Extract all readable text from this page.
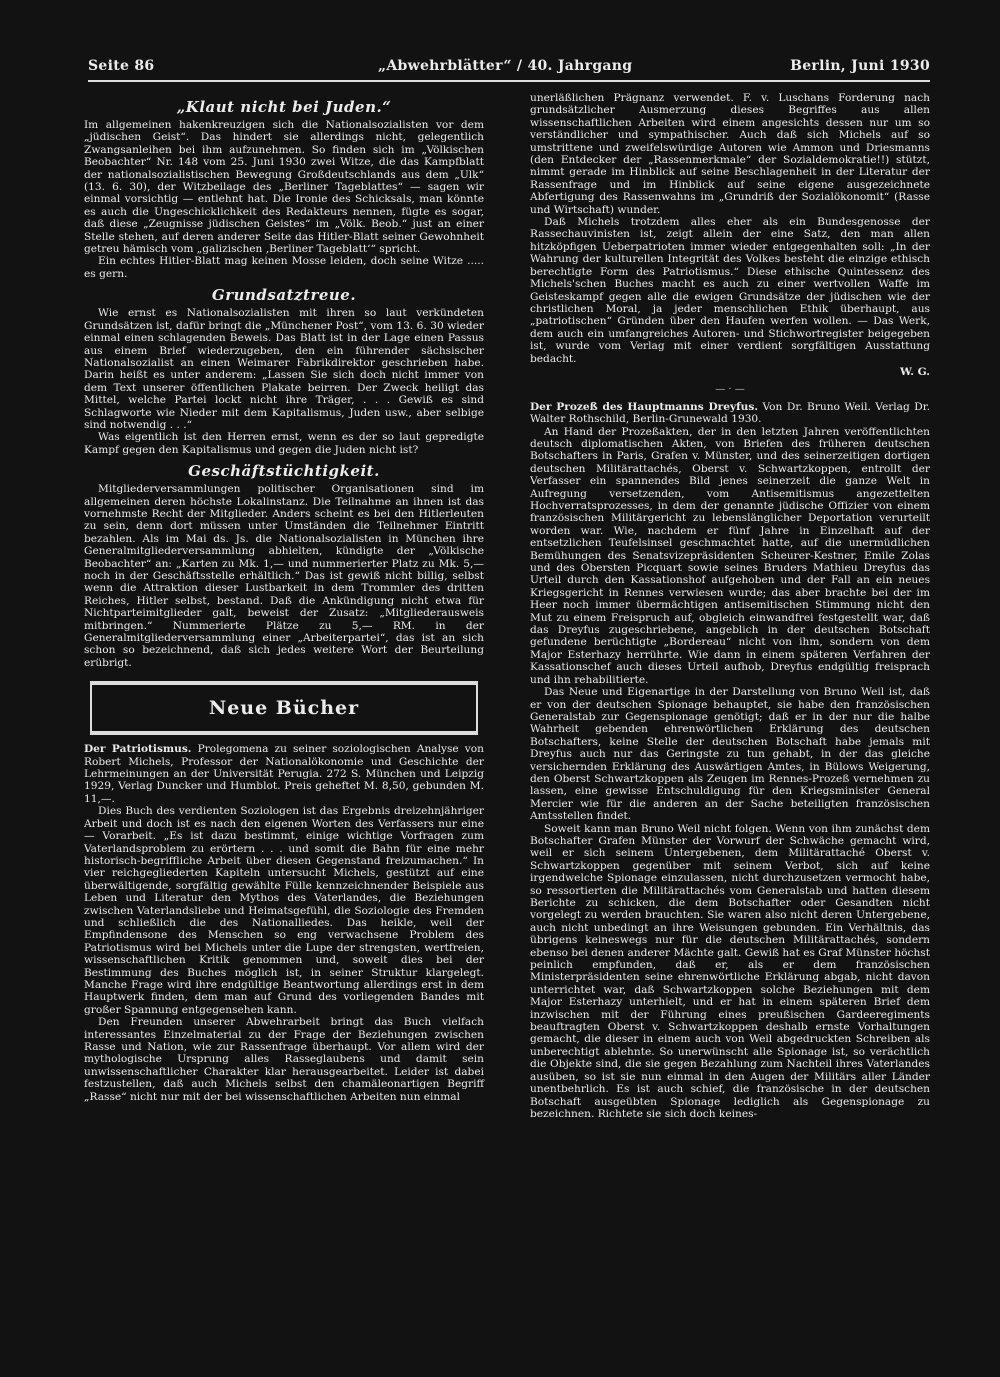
Seite 86	„Abwehrblätter“ / 40. Jahrgang	Berlin, Juni 1930
„Klaut nicht bei Juden.“

Im allgemeinen hakenkreuzigen sich die Nationalsozialisten vor dem „jüdischen Geist“. Das hindert sie allerdings nicht, gelegentlich Zwangsanleihen bei ihm aufzunehmen. So finden sich im „Völkischen Beobachter“ Nr. 148 vom 25. Juni 1930 zwei Witze, die das Kampfblatt der nationalsozialistischen Bewegung Großdeutschlands aus dem „Ulk“ (13. 6. 30), der Witzbeilage des „Berliner Tageblattes“ — sagen wir einmal vorsichtig — entlehnt hat. Die Ironie des Schicksals, man könnte es auch die Ungeschicklichkeit des Redakteurs nennen, fügte es sogar, daß diese „Zeugnisse jüdischen Geistes“ im „Völk. Beob.“ just an einer Stelle stehen, auf deren anderer Seite das Hitler-Blatt seiner Gewohnheit getreu hämisch vom „galizischen ‚Berliner Tageblatt‘“ spricht.

Ein echtes Hitler-Blatt mag keinen Mosse leiden, doch seine Witze ..... es gern.

Grundsatztreue.

Wie ernst es Nationalsozialisten mit ihren so laut verkündeten Grundsätzen ist, dafür bringt die „Münchener Post“, vom 13. 6. 30 wieder einmal einen schlagenden Beweis. Das Blatt ist in der Lage einen Passus aus einem Brief wiederzugeben, den ein führender sächsischer Nationalsozialist an einen Weimarer Fabrikdirektor geschrieben habe. Darin heißt es unter anderem: „Lassen Sie sich doch nicht immer von dem Text unserer öffentlichen Plakate beirren. Der Zweck heiligt das Mittel, welche Partei lockt nicht ihre Träger, . . . Gewiß es sind Schlagworte wie Nieder mit dem Kapitalismus, Juden usw., aber selbige sind notwendig . . .“

Was eigentlich ist den Herren ernst, wenn es der so laut gepredigte Kampf gegen den Kapitalismus und gegen die Juden nicht ist?

Geschäftstüchtigkeit.

Mitgliederversammlungen politischer Organisationen sind im allgemeinen deren höchste Lokalinstanz. Die Teilnahme an ihnen ist das vornehmste Recht der Mitglieder. Anders scheint es bei den Hitlerleuten zu sein, denn dort müssen unter Umständen die Teilnehmer Eintritt bezahlen. Als im Mai ds. Js. die Nationalsozialisten in München ihre Generalmitgliederversammlung abhielten, kündigte der „Völkische Beobachter“ an: „Karten zu Mk. 1,— und nummerierter Platz zu Mk. 5,— noch in der Geschäftsstelle erhältlich.“ Das ist gewiß nicht billig, selbst wenn die Attraktion dieser Lustbarkeit in dem Trommler des dritten Reiches, Hitler selbst, bestand. Daß die Ankündigung nicht etwa für Nichtparteimitglieder galt, beweist der Zusatz: „Mitgliederausweis mitbringen.“ Nummerierte Plätze zu 5,— RM. in der Generalmitgliederversammlung einer „Arbeiterpartei“, das ist an sich schon so bezeichnend, daß sich jedes weitere Wort der Beurteilung erübrigt.

Neue Bücher

Der Patriotismus. Prolegomena zu seiner soziologischen Analyse von Robert Michels, Professor der Nationalökonomie und Geschichte der Lehrmeinungen an der Universität Perugia. 272 S. München und Leipzig 1929, Verlag Duncker und Humblot. Preis geheftet M. 8,50, gebunden M. 11,—.

Dies Buch des verdienten Soziologen ist das Ergebnis dreizehnjähriger Arbeit und doch ist es nach den eigenen Worten des Verfassers nur eine — Vorarbeit. „Es ist dazu bestimmt, einige wichtige Vorfragen zum Vaterlandsproblem zu erörtern . . . und somit die Bahn für eine mehr historisch-begriffliche Arbeit über diesen Gegenstand freizumachen.“ In vier reichgegliederten Kapiteln untersucht Michels, gestützt auf eine überwältigende, sorgfältig gewählte Fülle kennzeichnender Beispiele aus Leben und Literatur den Mythos des Vaterlandes, die Beziehungen zwischen Vaterlandsliebe und Heimatsgefühl, die Soziologie des Fremden und schließlich die des Nationalliedes. Das heikle, weil der Empfindensone des Menschen so eng verwachsene Problem des Patriotismus wird bei Michels unter die Lupe der strengsten, wertfreien, wissenschaftlichen Kritik genommen und, soweit dies bei der Bestimmung des Buches möglich ist, in seiner Struktur klargelegt. Manche Frage wird ihre endgültige Beantwortung allerdings erst in dem Hauptwerk finden, dem man auf Grund des vorliegenden Bandes mit großer Spannung entgegensehen kann.

Den Freunden unserer Abwehrarbeit bringt das Buch vielfach interessantes Einzelmaterial zu der Frage der Beziehungen zwischen Rasse und Nation, wie zur Rassenfrage überhaupt. Vor allem wird der mythologische Ursprung alles Rasseglaubens und damit sein unwissenschaftlicher Charakter klar herausgearbeitet. Leider ist dabei festzustellen, daß auch Michels selbst den chamäleonartigen Begriff „Rasse“ nicht nur mit der bei wissenschaftlichen Arbeiten nun einmal

unerläßlichen Prägnanz verwendet. F. v. Luschans Forderung nach grundsätzlicher Ausmerzung dieses Begriffes aus allen wissenschaftlichen Arbeiten wird einem angesichts dessen nur um so verständlicher und sympathischer. Auch daß sich Michels auf so umstrittene und zweifelswürdige Autoren wie Ammon und Driesmanns (den Entdecker der „Rassenmerkmale“ der Sozialdemokratie!!) stützt, nimmt gerade im Hinblick auf seine Beschlagenheit in der Literatur der Rassenfrage und im Hinblick auf seine eigene ausgezeichnete Abfertigung des Rassenwahns im „Grundriß der Sozialökonomit“ (Rasse und Wirtschaft) wunder.

Daß Michels trotzdem alles eher als ein Bundesgenosse der Rassechauvinisten ist, zeigt allein der eine Satz, den man allen hitzköpfigen Ueberpatrioten immer wieder entgegenhalten soll: „In der Wahrung der kulturellen Integrität des Volkes besteht die einzige ethisch berechtigte Form des Patriotismus.“ Diese ethische Quintessenz des Michels'schen Buches macht es auch zu einer wertvollen Waffe im Geisteskampf gegen alle die ewigen Grundsätze der jüdischen wie der christlichen Moral, ja jeder menschlichen Ethik überhaupt, aus „patriotischen“ Gründen über den Haufen werfen wollen. — Das Werk, dem auch ein umfangreiches Autoren- und Stichwortregister beigegeben ist, wurde vom Verlag mit einer verdient sorgfältigen Ausstattung bedacht.

W. G.
— · —

Der Prozeß des Hauptmanns Dreyfus. Von Dr. Bruno Weil. Verlag Dr. Walter Rothschild, Berlin-Grunewald 1930.

An Hand der Prozeßakten, der in den letzten Jahren veröffentlichten deutsch diplomatischen Akten, von Briefen des früheren deutschen Botschafters in Paris, Grafen v. Münster, und des seinerzeitigen dortigen deutschen Militärattachés, Oberst v. Schwartzkoppen, entrollt der Verfasser ein spannendes Bild jenes seinerzeit die ganze Welt in Aufregung versetzenden, vom Antisemitismus angezettelten Hochverratsprozesses, in dem der genannte jüdische Offizier von einem französischen Militärgericht zu lebenslänglicher Deportation verurteilt worden war. Wie, nachdem er fünf Jahre in Einzelhaft auf der entsetzlichen Teufelsinsel geschmachtet hatte, auf die unermüdlichen Bemühungen des Senatsvizepräsidenten Scheurer-Kestner, Emile Zolas und des Obersten Picquart sowie seines Bruders Mathieu Dreyfus das Urteil durch den Kassationshof aufgehoben und der Fall an ein neues Kriegsgericht in Rennes verwiesen wurde; das aber brachte bei der im Heer noch immer übermächtigen antisemitischen Stimmung nicht den Mut zu einem Freispruch auf, obgleich einwandfrei festgestellt war, daß das Dreyfus zugeschriebene, angeblich in der deutschen Botschaft gefundene berüchtigte „Bordereau“ nicht von ihm, sondern von dem Major Esterhazy herrührte. Wie dann in einem späteren Verfahren der Kassationschef auch dieses Urteil aufhob, Dreyfus endgültig freisprach und ihn rehabilitierte.

Das Neue und Eigenartige in der Darstellung von Bruno Weil ist, daß er von der deutschen Spionage behauptet, sie habe den französischen Generalstab zur Gegenspionage genötigt; daß er in der nur die halbe Wahrheit gebenden ehrenwörtlichen Erklärung des deutschen Botschafters, keine Stelle der deutschen Botschaft habe jemals mit Dreyfus auch nur das Geringste zu tun gehabt, in der das gleiche versichernden Erklärung des Auswärtigen Amtes, in Bülows Weigerung, den Oberst Schwartzkoppen als Zeugen im Rennes-Prozeß vernehmen zu lassen, eine gewisse Entschuldigung für den Kriegsminister General Mercier wie für die anderen an der Sache beteiligten französischen Amtsstellen findet.

Soweit kann man Bruno Weil nicht folgen. Wenn von ihm zunächst dem Botschafter Grafen Münster der Vorwurf der Schwäche gemacht wird, weil er sich seinem Untergebenen, dem Militärattaché Oberst v. Schwartzkoppen gegenüber mit seinem Verbot, sich auf keine irgendwelche Spionage einzulassen, nicht durchzusetzen vermocht habe, so ressortierten die Militärattachés vom Generalstab und hatten diesem Berichte zu schicken, die dem Botschafter oder Gesandten nicht vorgelegt zu werden brauchten. Sie waren also nicht deren Untergebene, auch nicht unbedingt an ihre Weisungen gebunden. Ein Verhältnis, das übrigens keineswegs nur für die deutschen Militärattachés, sondern ebenso bei denen anderer Mächte galt. Gewiß hat es Graf Münster höchst peinlich empfunden, daß er, als er dem französischen Ministerpräsidenten seine ehrenwörtliche Erklärung abgab, nicht davon unterrichtet war, daß Schwartzkoppen solche Beziehungen mit dem Major Esterhazy unterhielt, und er hat in einem späteren Brief dem inzwischen mit der Führung eines preußischen Gardeeregiments beauftragten Oberst v. Schwartzkoppen deshalb ernste Vorhaltungen gemacht, die dieser in einem auch von Weil abgedruckten Schreiben als unberechtigt ablehnte. So unerwünscht alle Spionage ist, so verächtlich die Objekte sind, die sie gegen Bezahlung zum Nachteil ihres Vaterlandes ausüben, so ist sie nun einmal in den Augen der Militärs aller Länder unentbehrlich. Es ist auch schief, die französische in der deutschen Botschaft ausgeübten Spionage lediglich als Gegenspionage zu bezeichnen. Richtete sie sich doch keines-
